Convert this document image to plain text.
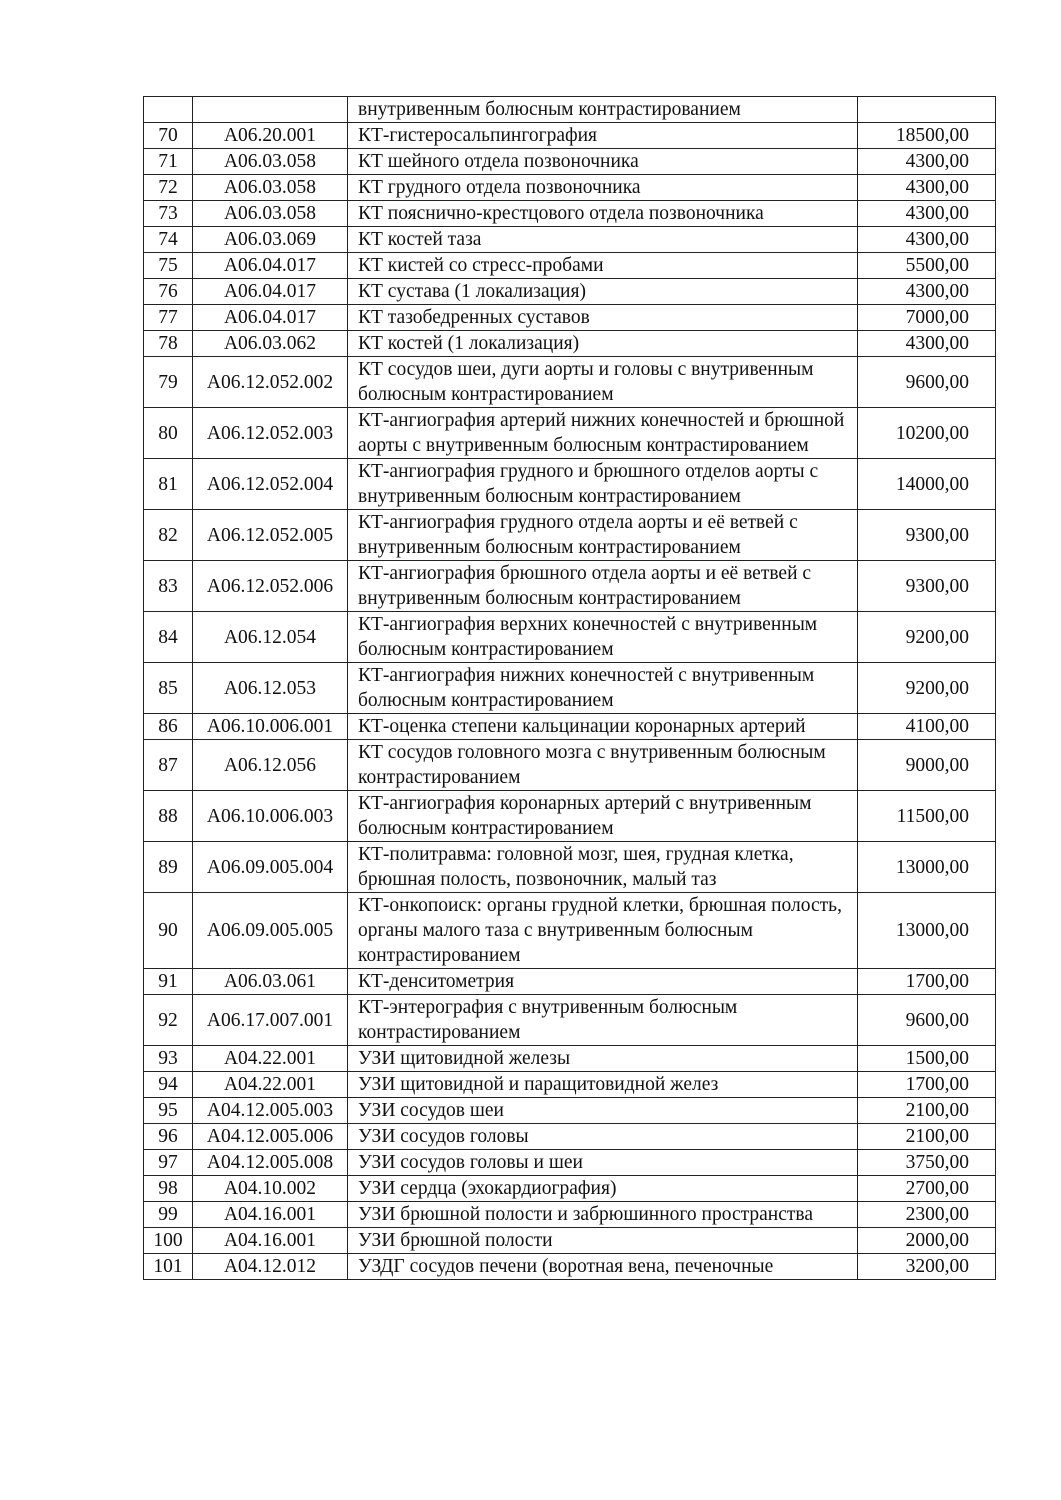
		внутривенным болюсным контрастированием	
70	A06.20.001	КТ-гистеросальпингография	18500,00
71	A06.03.058	КТ шейного отдела позвоночника	4300,00
72	A06.03.058	КТ грудного отдела позвоночника	4300,00
73	A06.03.058	КТ пояснично-крестцового отдела позвоночника	4300,00
74	A06.03.069	КТ костей таза	4300,00
75	A06.04.017	КТ кистей со стресс-пробами	5500,00
76	A06.04.017	КТ сустава (1 локализация)	4300,00
77	A06.04.017	КТ тазобедренных суставов	7000,00
78	A06.03.062	КТ костей (1 локализация)	4300,00
79	A06.12.052.002	КТ сосудов шеи, дуги аорты и головы с внутривенным болюсным контрастированием	9600,00
80	A06.12.052.003	КТ-ангиография артерий нижних конечностей и брюшной аорты с внутривенным болюсным контрастированием	10200,00
81	A06.12.052.004	КТ-ангиография грудного и брюшного отделов аорты с внутривенным болюсным контрастированием	14000,00
82	A06.12.052.005	КТ-ангиография грудного отдела аорты и её ветвей с внутривенным болюсным контрастированием	9300,00
83	A06.12.052.006	КТ-ангиография брюшного отдела аорты и её ветвей с внутривенным болюсным контрастированием	9300,00
84	A06.12.054	КТ-ангиография верхних конечностей с внутривенным болюсным контрастированием	9200,00
85	A06.12.053	КТ-ангиография нижних конечностей с внутривенным болюсным контрастированием	9200,00
86	A06.10.006.001	КТ-оценка степени кальцинации коронарных артерий	4100,00
87	A06.12.056	КТ сосудов головного мозга с внутривенным болюсным контрастированием	9000,00
88	A06.10.006.003	КТ-ангиография коронарных артерий с внутривенным болюсным контрастированием	11500,00
89	A06.09.005.004	КТ-политравма: головной мозг, шея, грудная клетка, брюшная полость, позвоночник, малый таз	13000,00
90	A06.09.005.005	КТ-онкопоиск: органы грудной клетки, брюшная полость, органы малого таза с внутривенным болюсным контрастированием	13000,00
91	A06.03.061	КТ-денситометрия	1700,00
92	A06.17.007.001	КТ-энтерография с внутривенным болюсным контрастированием	9600,00
93	A04.22.001	УЗИ щитовидной железы	1500,00
94	A04.22.001	УЗИ щитовидной и паращитовидной желез	1700,00
95	A04.12.005.003	УЗИ сосудов шеи	2100,00
96	A04.12.005.006	УЗИ сосудов головы	2100,00
97	A04.12.005.008	УЗИ сосудов головы и шеи	3750,00
98	A04.10.002	УЗИ сердца (эхокардиография)	2700,00
99	A04.16.001	УЗИ брюшной полости и забрюшинного пространства	2300,00
100	A04.16.001	УЗИ брюшной полости	2000,00
101	A04.12.012	УЗДГ сосудов печени (воротная вена, печеночные	3200,00
